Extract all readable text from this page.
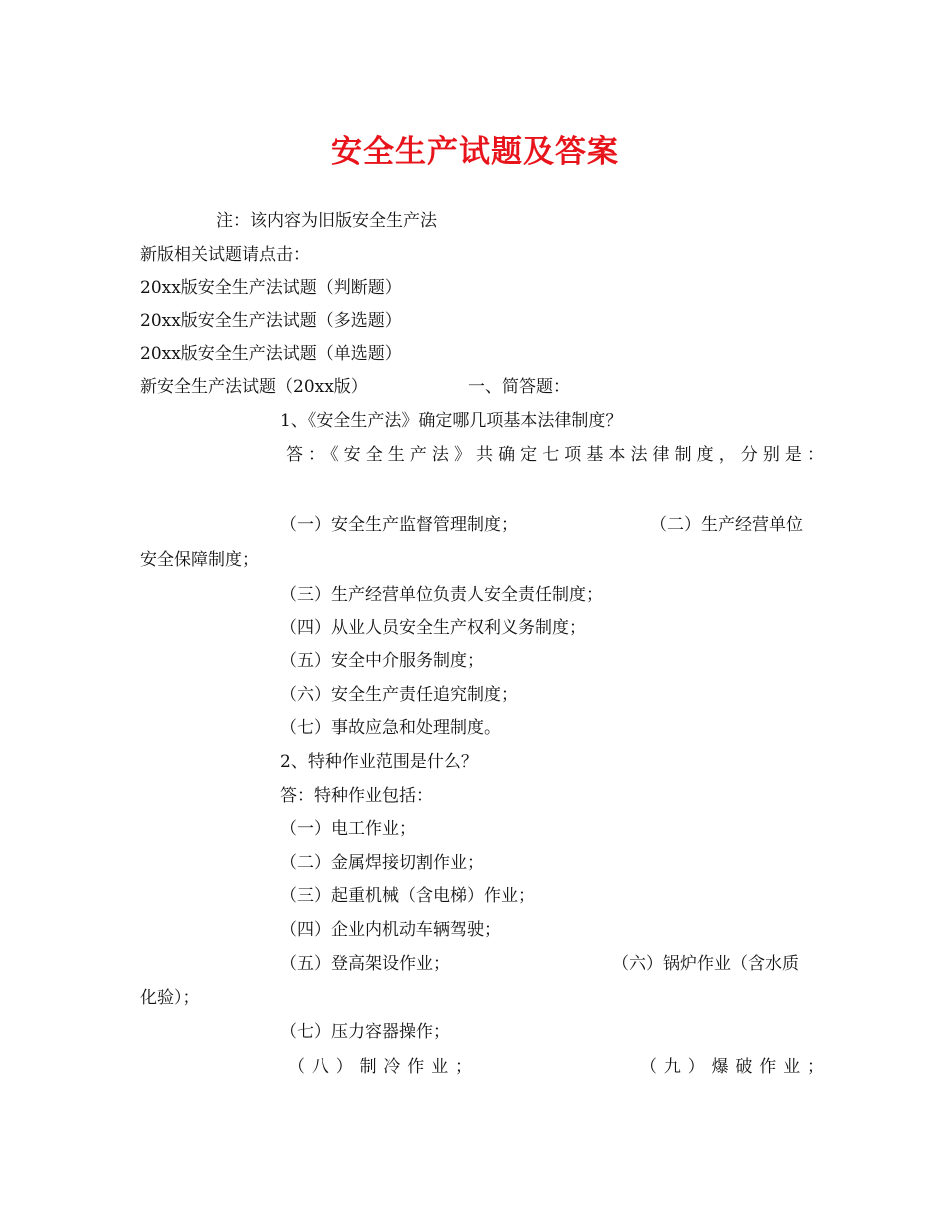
安全生产试题及答案
注：该内容为旧版安全生产法
新版相关试题请点击：
20xx版安全生产法试题（判断题）
20xx版安全生产法试题（多选题）
20xx版安全生产法试题（单选题）
新安全生产法试题（20xx版）	一、简答题：
1、《安全生产法》确定哪几项基本法律制度？
答：《安全生产法》共确定七项基本法律制度，分别是：
（一）安全生产监督管理制度；	（二）生产经营单位
安全保障制度；
（三）生产经营单位负责人安全责任制度；
（四）从业人员安全生产权利义务制度；
（五）安全中介服务制度；
（六）安全生产责任追究制度；
（七）事故应急和处理制度。
2、特种作业范围是什么？
答：特种作业包括：
（一）电工作业；
（二）金属焊接切割作业；
（三）起重机械（含电梯）作业；
（四）企业内机动车辆驾驶；
（五）登高架设作业；	（六）锅炉作业（含水质
化验）；
（七）压力容器操作；
（八）制冷作业；	（九）爆破作业；
